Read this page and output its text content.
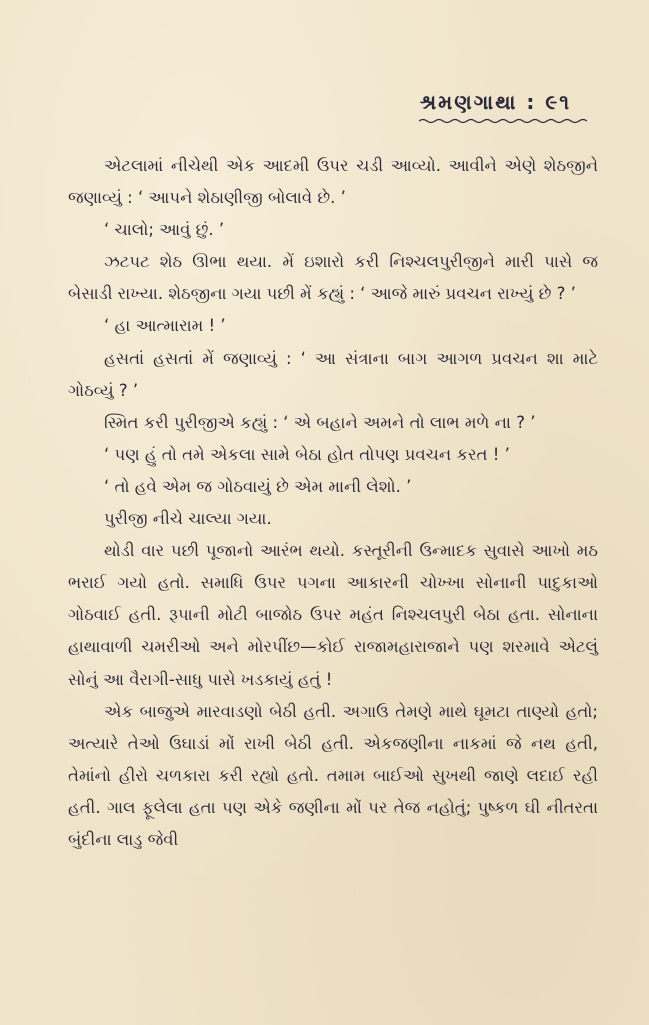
શ્રમણગાથા : ૯૧

એટલામાં નીચેથી એક આદમી ઉપર ચડી આવ્યો. આવીને એણે શેઠજીને જણાવ્યું : ‘ આપને શેઠાણીજી બોલાવે છે. ’

‘ ચાલો; આવું છું. ’

ઝટપટ શેઠ ઊભા થયા. મેં ઇશારો કરી નિશ્ચલપુરીજીને મારી પાસે જ બેસાડી રાખ્યા. શેઠજીના ગયા પછી મેં કહ્યું : ‘ આજે મારું પ્રવચન રાખ્યું છે ? ’

‘ હા આત્મારામ ! ’

હસતાં હસતાં મેં જણાવ્યું : ‘ આ સંત્રાના બાગ આગળ પ્રવચન શા માટે ગોઠવ્યું ? ’

સ્મિત કરી પુરીજીએ કહ્યું : ‘ એ બહાને અમને તો લાભ મળે ના ? ’

‘ પણ હું તો તમે એકલા સામે બેઠા હોત તોપણ પ્રવચન કરત ! ’

‘ તો હવે એમ જ ગોઠવાયું છે એમ માની લેશો. ’

પુરીજી નીચે ચાલ્યા ગયા.

થોડી વાર પછી પૂજાનો આરંભ થયો. કસ્તૂરીની ઉન્માદક સુવાસે આખો મઠ ભરાઈ ગયો હતો. સમાધિ ઉપર પગના આકારની ચોખ્ખા સોનાની પાદુકાઓ ગોઠવાઈ હતી. રૂપાની મોટી બાજોઠ ઉપર મહંત નિશ્ચલપુરી બેઠા હતા. સોનાના હાથાવાળી ચમરીઓ અને મોરપીંછ—કોઈ રાજામહારાજાને પણ શરમાવે એટલું સોનું આ વૈરાગી-સાધુ પાસે ખડકાયું હતું !

એક બાજુએ મારવાડણો બેઠી હતી. અગાઉ તેમણે માથે ઘૂમટા તાણ્યો હતો; અત્યારે તેઓ ઉઘાડાં મોં રાખી બેઠી હતી. એકજણીના નાકમાં જે નથ હતી, તેમાંનો હીરો ચળકારા કરી રહ્યો હતો. તમામ બાઈઓ સુખથી જાણે લદાઈ રહી હતી. ગાલ ફૂલેલા હતા પણ એકે જણીના મોં પર તેજ નહોતું; પુષ્કળ ઘી નીતરતા બુંદીના લાડુ જેવી
